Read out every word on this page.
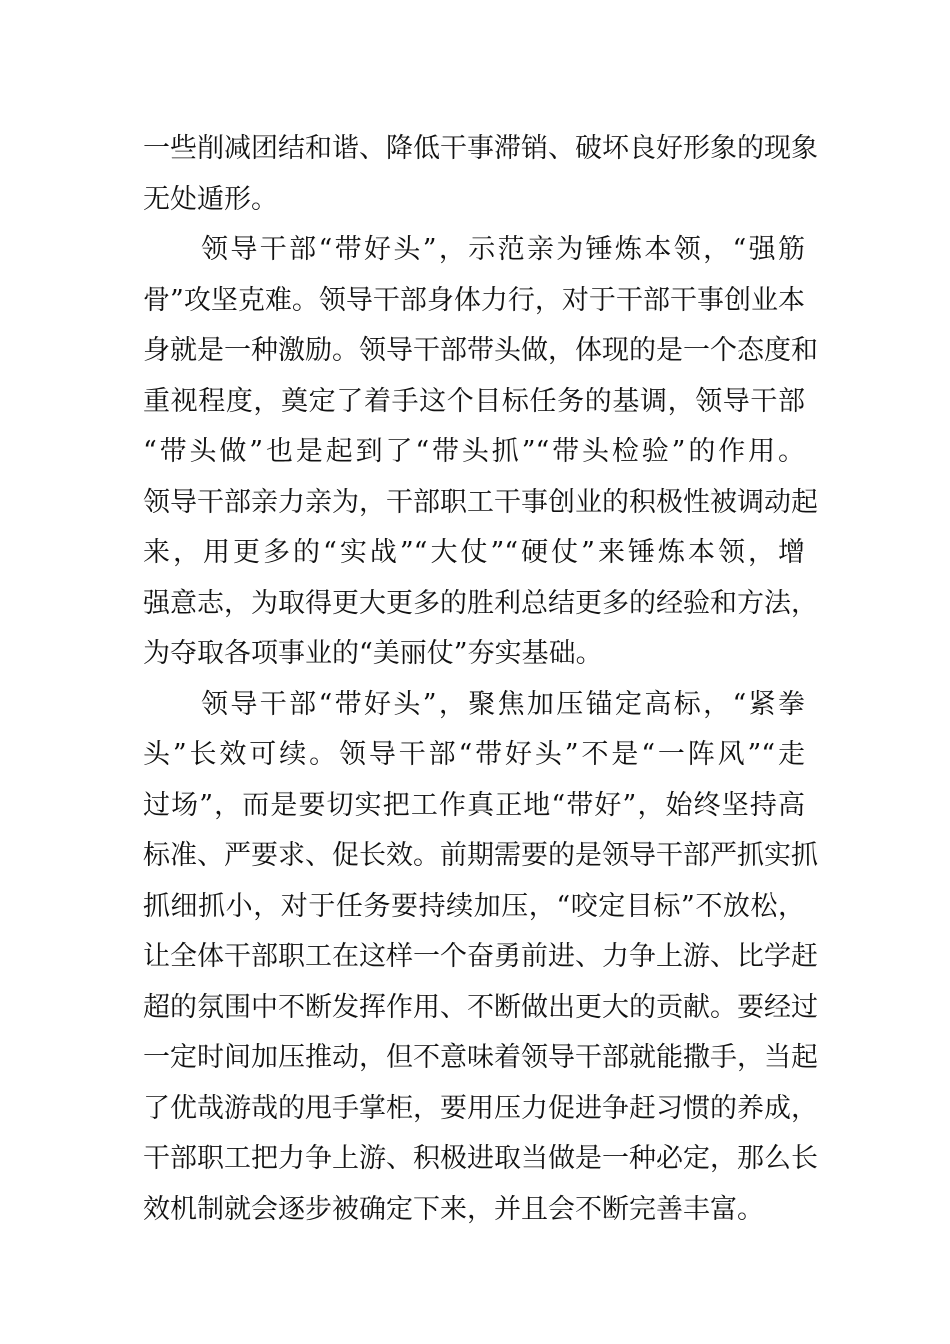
一些削减团结和谐、降低干事滞销、破坏良好形象的现象
无处遁形。
领导干部“带好头”，示范亲为锤炼本领，“强筋
骨”攻坚克难。领导干部身体力行，对于干部干事创业本
身就是一种激励。领导干部带头做，体现的是一个态度和
重视程度，奠定了着手这个目标任务的基调，领导干部
“带头做”也是起到了“带头抓”“带头检验”的作用。
领导干部亲力亲为，干部职工干事创业的积极性被调动起
来，用更多的“实战”“大仗”“硬仗”来锤炼本领，增
强意志，为取得更大更多的胜利总结更多的经验和方法，
为夺取各项事业的“美丽仗”夯实基础。
领导干部“带好头”，聚焦加压锚定高标，“紧拳
头”长效可续。领导干部“带好头”不是“一阵风”“走
过场”，而是要切实把工作真正地“带好”，始终坚持高
标准、严要求、促长效。前期需要的是领导干部严抓实抓
抓细抓小，对于任务要持续加压，“咬定目标”不放松，
让全体干部职工在这样一个奋勇前进、力争上游、比学赶
超的氛围中不断发挥作用、不断做出更大的贡献。要经过
一定时间加压推动，但不意味着领导干部就能撒手，当起
了优哉游哉的甩手掌柜，要用压力促进争赶习惯的养成，
干部职工把力争上游、积极进取当做是一种必定，那么长
效机制就会逐步被确定下来，并且会不断完善丰富。
